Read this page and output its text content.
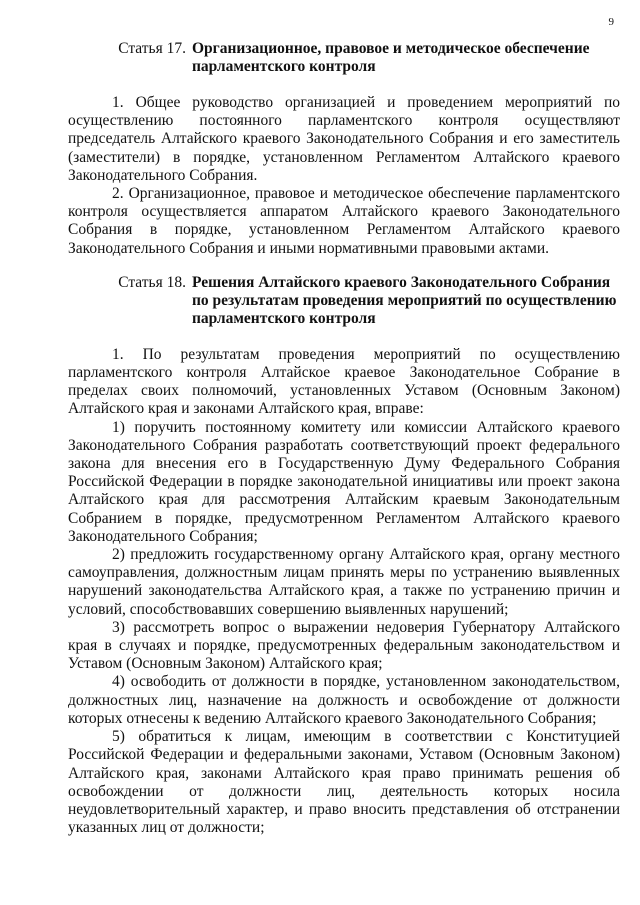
9
Статья 17. Организационное, правовое и методическое обеспечение
парламентского контроля

1. Общее руководство организацией и проведением мероприятий по осуществлению постоянного парламентского контроля осуществляют председатель Алтайского краевого Законодательного Собрания и его заместитель (заместители) в порядке, установленном Регламентом Алтайского краевого Законодательного Собрания.

2. Организационное, правовое и методическое обеспечение парламентского контроля осуществляется аппаратом Алтайского краевого Законодательного Собрания в порядке, установленном Регламентом Алтайского краевого Законодательного Собрания и иными нормативными правовыми актами.

Статья 18. Решения Алтайского краевого Законодательного Собрания
по результатам проведения мероприятий по осуществлению
парламентского контроля

1. По результатам проведения мероприятий по осуществлению парламентского контроля Алтайское краевое Законодательное Собрание в пределах своих полномочий, установленных Уставом (Основным Законом) Алтайского края и законами Алтайского края, вправе:

1) поручить постоянному комитету или комиссии Алтайского краевого Законодательного Собрания разработать соответствующий проект федерального закона для внесения его в Государственную Думу Федерального Собрания Российской Федерации в порядке законодательной инициативы или проект закона Алтайского края для рассмотрения Алтайским краевым Законодательным Собранием в порядке, предусмотренном Регламентом Алтайского краевого Законодательного Собрания;

2) предложить государственному органу Алтайского края, органу местного самоуправления, должностным лицам принять меры по устранению выявленных нарушений законодательства Алтайского края, а также по устранению причин и условий, способствовавших совершению выявленных нарушений;

3) рассмотреть вопрос о выражении недоверия Губернатору Алтайского края в случаях и порядке, предусмотренных федеральным законодательством и Уставом (Основным Законом) Алтайского края;

4) освободить от должности в порядке, установленном законодательством, должностных лиц, назначение на должность и освобождение от должности которых отнесены к ведению Алтайского краевого Законодательного Собрания;

5) обратиться к лицам, имеющим в соответствии с Конституцией Российской Федерации и федеральными законами, Уставом (Основным Законом) Алтайского края, законами Алтайского края право принимать решения об освобождении от должности лиц, деятельность которых носила неудовлетворительный характер, и право вносить представления об отстранении указанных лиц от должности;
